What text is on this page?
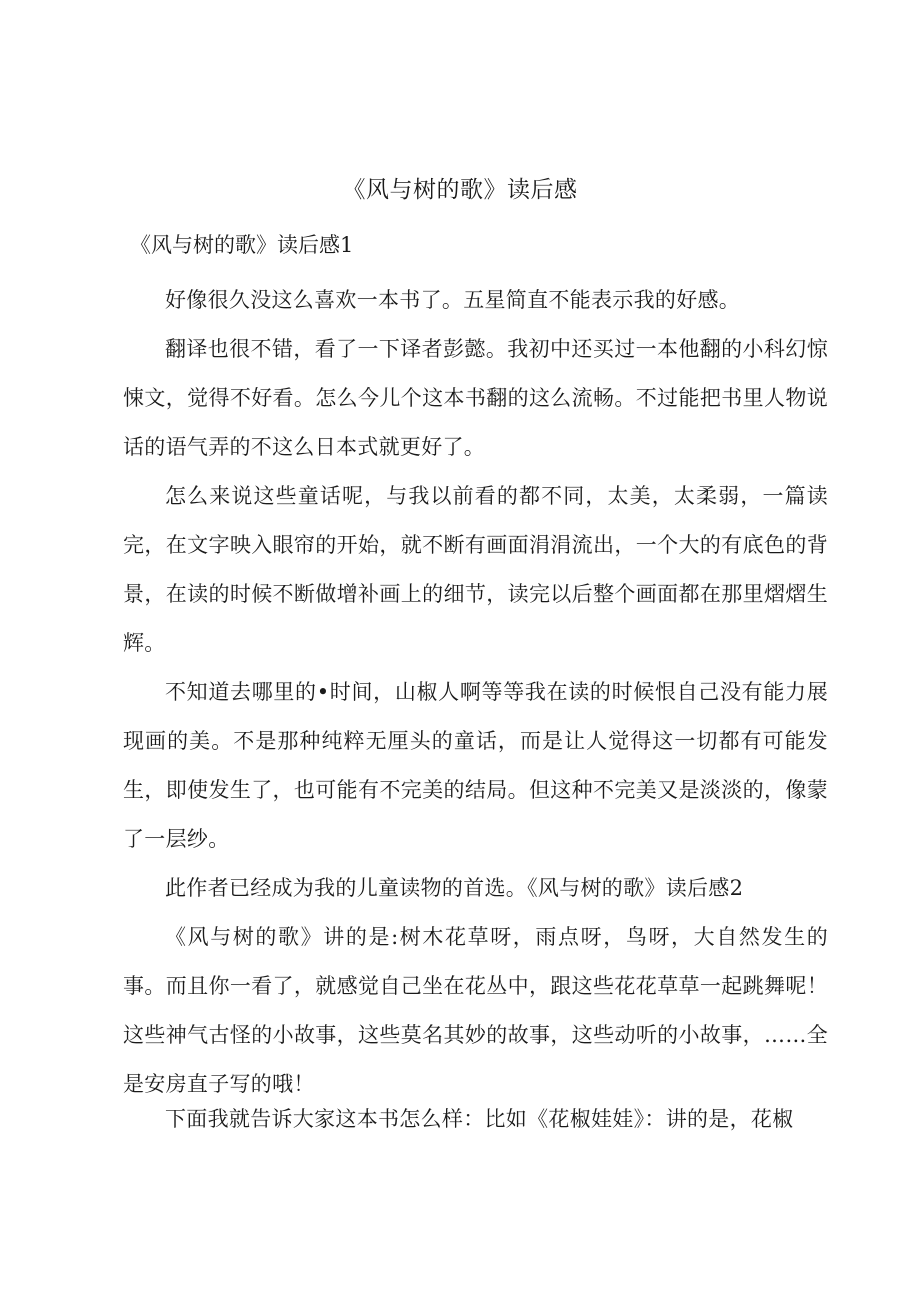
《风与树的歌》读后感
《风与树的歌》读后感1

好像很久没这么喜欢一本书了。五星简直不能表示我的好感。

翻译也很不错，看了一下译者彭懿。我初中还买过一本他翻的小科幻惊悚文，觉得不好看。怎么今儿个这本书翻的这么流畅。不过能把书里人物说话的语气弄的不这么日本式就更好了。

怎么来说这些童话呢，与我以前看的都不同，太美，太柔弱，一篇读完，在文字映入眼帘的开始，就不断有画面涓涓流出，一个大的有底色的背景，在读的时候不断做增补画上的细节，读完以后整个画面都在那里熠熠生辉。

不知道去哪里的•时间，山椒人啊等等我在读的时候恨自己没有能力展现画的美。不是那种纯粹无厘头的童话，而是让人觉得这一切都有可能发生，即使发生了，也可能有不完美的结局。但这种不完美又是淡淡的，像蒙了一层纱。

此作者已经成为我的儿童读物的首选。《风与树的歌》读后感2

《风与树的歌》讲的是:树木花草呀，雨点呀，鸟呀，大自然发生的事。而且你一看了，就感觉自己坐在花丛中，跟这些花花草草一起跳舞呢！这些神气古怪的小故事，这些莫名其妙的故事，这些动听的小故事，……全是安房直子写的哦！

下面我就告诉大家这本书怎么样：比如《花椒娃娃》：讲的是，花椒
